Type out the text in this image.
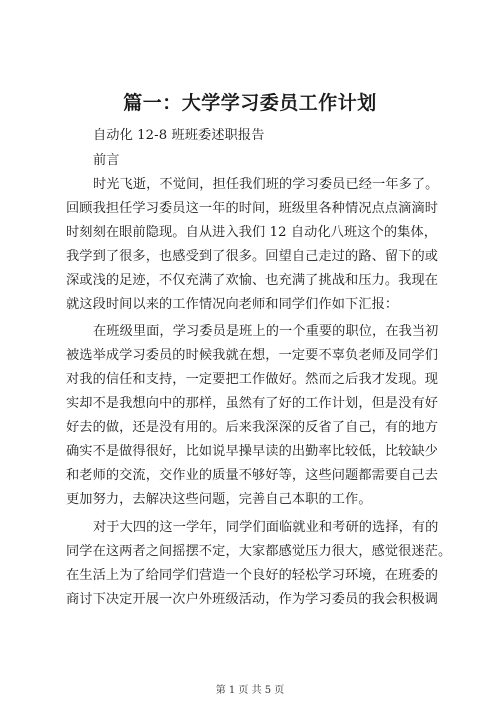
篇一：大学学习委员工作计划
自动化 12-8 班班委述职报告
前言
时光飞逝，不觉间，担任我们班的学习委员已经一年多了。
回顾我担任学习委员这一年的时间，班级里各种情况点点滴滴时
时刻刻在眼前隐现。自从进入我们 12 自动化八班这个的集体，
我学到了很多，也感受到了很多。回望自己走过的路、留下的或
深或浅的足迹，不仅充满了欢愉、也充满了挑战和压力。我现在
就这段时间以来的工作情况向老师和同学们作如下汇报：
在班级里面，学习委员是班上的一个重要的职位，在我当初
被选举成学习委员的时候我就在想，一定要不辜负老师及同学们
对我的信任和支持，一定要把工作做好。然而之后我才发现。现
实却不是我想向中的那样，虽然有了好的工作计划，但是没有好
好去的做，还是没有用的。后来我深深的反省了自己，有的地方
确实不是做得很好，比如说早操早读的出勤率比较低，比较缺少
和老师的交流，交作业的质量不够好等，这些问题都需要自己去
更加努力，去解决这些问题，完善自己本职的工作。
对于大四的这一学年，同学们面临就业和考研的选择，有的
同学在这两者之间摇摆不定，大家都感觉压力很大，感觉很迷茫。
在生活上为了给同学们营造一个良好的轻松学习环境，在班委的
商讨下决定开展一次户外班级活动，作为学习委员的我会积极调
第 1 页 共 5 页
